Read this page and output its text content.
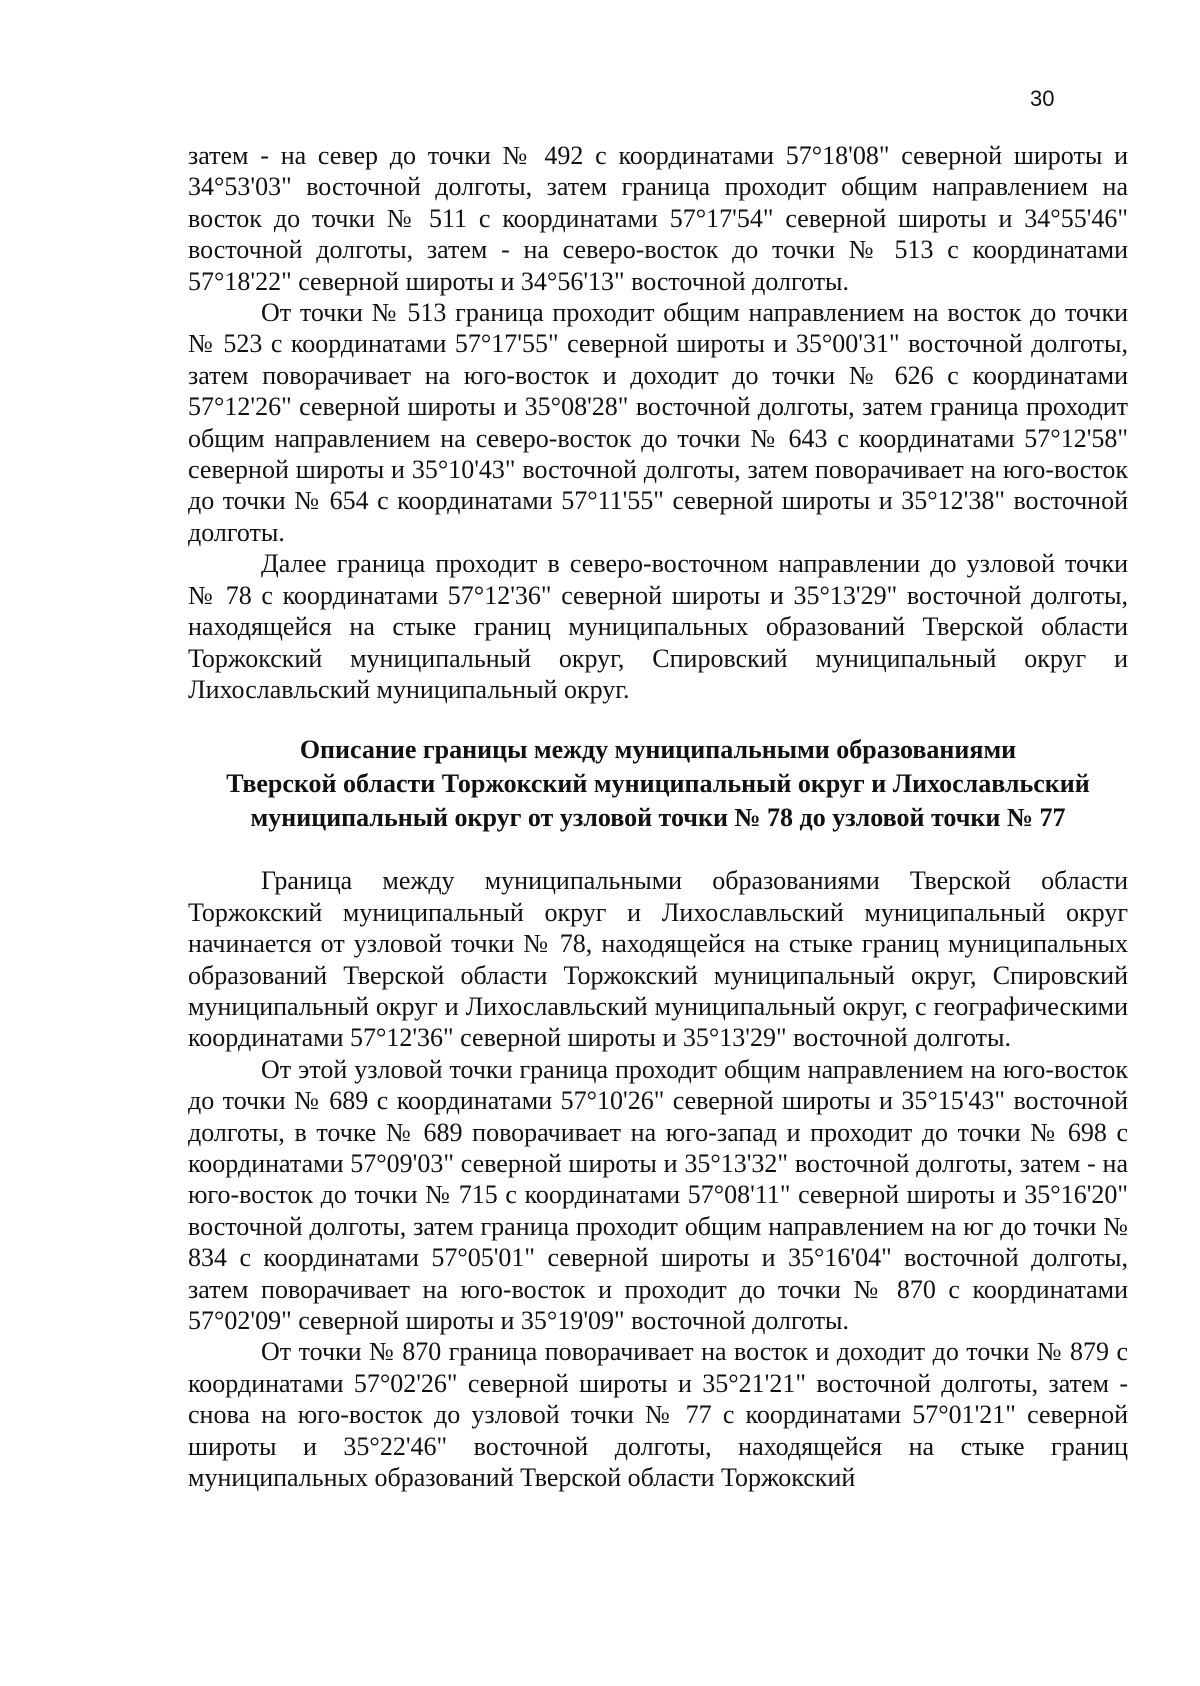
30

затем - на север до точки № 492 с координатами 57°18'08" северной широты и 34°53'03" восточной долготы, затем граница проходит общим направлением на восток до точки № 511 с координатами 57°17'54" северной широты и 34°55'46" восточной долготы, затем - на северо-восток до точки № 513 с координатами 57°18'22" северной широты и 34°56'13" восточной долготы.

От точки № 513 граница проходит общим направлением на восток до точки № 523 с координатами 57°17'55" северной широты и 35°00'31" восточной долготы, затем поворачивает на юго-восток и доходит до точки № 626 с координатами 57°12'26" северной широты и 35°08'28" восточной долготы, затем граница проходит общим направлением на северо-восток до точки № 643 с координатами 57°12'58" северной широты и 35°10'43" восточной долготы, затем поворачивает на юго-восток до точки № 654 с координатами 57°11'55" северной широты и 35°12'38" восточной долготы.

Далее граница проходит в северо-восточном направлении до узловой точки № 78 с координатами 57°12'36" северной широты и 35°13'29" восточной долготы, находящейся на стыке границ муниципальных образований Тверской области Торжокский муниципальный округ, Спировский муниципальный округ и Лихославльский муниципальный округ.

Описание границы между муниципальными образованиями
Тверской области Торжокский муниципальный округ и Лихославльский
муниципальный округ от узловой точки № 78 до узловой точки № 77

Граница между муниципальными образованиями Тверской области Торжокский муниципальный округ и Лихославльский муниципальный округ начинается от узловой точки № 78, находящейся на стыке границ муниципальных образований Тверской области Торжокский муниципальный округ, Спировский муниципальный округ и Лихославльский муниципальный округ, с географическими координатами 57°12'36" северной широты и 35°13'29" восточной долготы.

От этой узловой точки граница проходит общим направлением на юго-восток до точки № 689 с координатами 57°10'26" северной широты и 35°15'43" восточной долготы, в точке № 689 поворачивает на юго-запад и проходит до точки № 698 с координатами 57°09'03" северной широты и 35°13'32" восточной долготы, затем - на юго-восток до точки № 715 с координатами 57°08'11" северной широты и 35°16'20" восточной долготы, затем граница проходит общим направлением на юг до точки № 834 с координатами 57°05'01" северной широты и 35°16'04" восточной долготы, затем поворачивает на юго-восток и проходит до точки № 870 с координатами 57°02'09" северной широты и 35°19'09" восточной долготы.

От точки № 870 граница поворачивает на восток и доходит до точки № 879 с координатами 57°02'26" северной широты и 35°21'21" восточной долготы, затем - снова на юго-восток до узловой точки № 77 с координатами 57°01'21" северной широты и 35°22'46" восточной долготы, находящейся на стыке границ муниципальных образований Тверской области Торжокский
